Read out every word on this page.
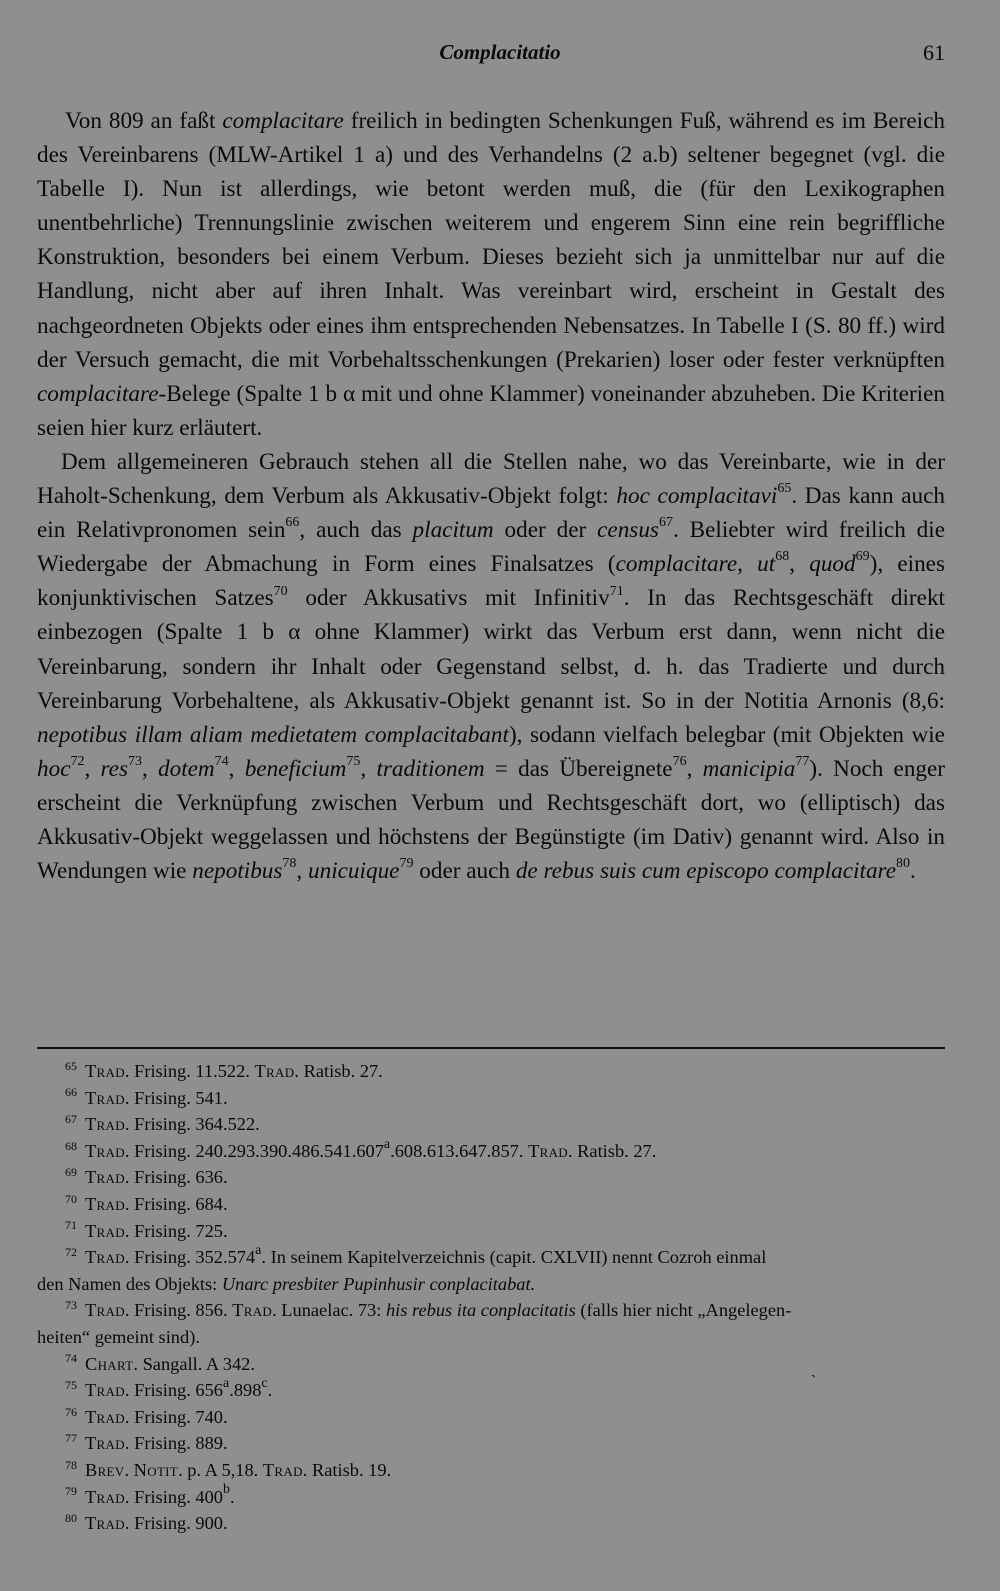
Complacitatio	61

Von 809 an faßt complacitare freilich in bedingten Schenkungen Fuß, während es im Bereich des Vereinbarens (MLW-Artikel 1 a) und des Verhandelns (2 a.b) seltener begegnet (vgl. die Tabelle I). Nun ist allerdings, wie betont werden muß, die (für den Lexikographen unentbehrliche) Trennungslinie zwischen weiterem und engerem Sinn eine rein begriffliche Konstruktion, besonders bei einem Verbum. Dieses bezieht sich ja unmittelbar nur auf die Handlung, nicht aber auf ihren Inhalt. Was vereinbart wird, erscheint in Gestalt des nachgeordneten Objekts oder eines ihm entsprechenden Nebensatzes. In Tabelle I (S. 80 ff.) wird der Versuch gemacht, die mit Vorbehaltsschenkungen (Prekarien) loser oder fester verknüpften complacitare-Belege (Spalte 1 b α mit und ohne Klammer) voneinander abzuheben. Die Kriterien seien hier kurz erläutert.

Dem allgemeineren Gebrauch stehen all die Stellen nahe, wo das Vereinbarte, wie in der Haholt-Schenkung, dem Verbum als Akkusativ-Objekt folgt: hoc complacitavi$^{65}$. Das kann auch ein Relativpronomen sein$^{66}$, auch das placitum oder der census$^{67}$. Beliebter wird freilich die Wiedergabe der Abmachung in Form eines Finalsatzes (complacitare, $ut^{68}$, quod$^{69}$), eines konjunktivischen Satzes$^{70}$ oder Akkusativs mit Infinitiv$^{71}$. In das Rechtsgeschäft direkt einbezogen (Spalte 1 b α ohne Klammer) wirkt das Verbum erst dann, wenn nicht die Vereinbarung, sondern ihr Inhalt oder Gegenstand selbst, d. h. das Tradierte und durch Vereinbarung Vorbehaltene, als Akkusativ-Objekt genannt ist. So in der Notitia Arnonis (8,6: nepotibus illam aliam medietatem complacitabant), sodann vielfach belegbar (mit Objekten wie hoc$^{72}$, res$^{73}$, dotem$^{74}$, beneficium$^{75}$, traditionem = das Übereignete$^{76}$, manicipia$^{77}$). Noch enger erscheint die Verknüpfung zwischen Verbum und Rechtsgeschäft dort, wo (elliptisch) das Akkusativ-Objekt weggelassen und höchstens der Begünstigte (im Dativ) genannt wird. Also in Wendungen wie nepotibus$^{78}$, unicuique$^{79}$ oder auch de rebus suis cum episcopo complacitare$^{80}$.

65 Trad. Frising. 11.522. Trad. Ratisb. 27.
66 Trad. Frising. 541.
67 Trad. Frising. 364.522.
68 Trad. Frising. 240.293.390.486.541.607$^a$.608.613.647.857. Trad. Ratisb. 27.
69 Trad. Frising. 636.
70 Trad. Frising. 684.
71 Trad. Frising. 725.
72 Trad. Frising. 352.574$^a$. In seinem Kapitelverzeichnis (capit. CXLVII) nennt Cozroh einmal
den Namen des Objekts: Unarc presbiter Pupinhusir conplacitabat.
73 Trad. Frising. 856. Trad. Lunaelac. 73: his rebus ita conplacitatis (falls hier nicht „Angelegen-
heiten“ gemeint sind).
74 Chart. Sangall. A 342.
75 Trad. Frising. 656$^a$.898$^c$.
76 Trad. Frising. 740.
77 Trad. Frising. 889.
78 Brev. Notit. p. A 5,18. Trad. Ratisb. 19.
79 Trad. Frising. 400$^b$.
80 Trad. Frising. 900.
ˋ
